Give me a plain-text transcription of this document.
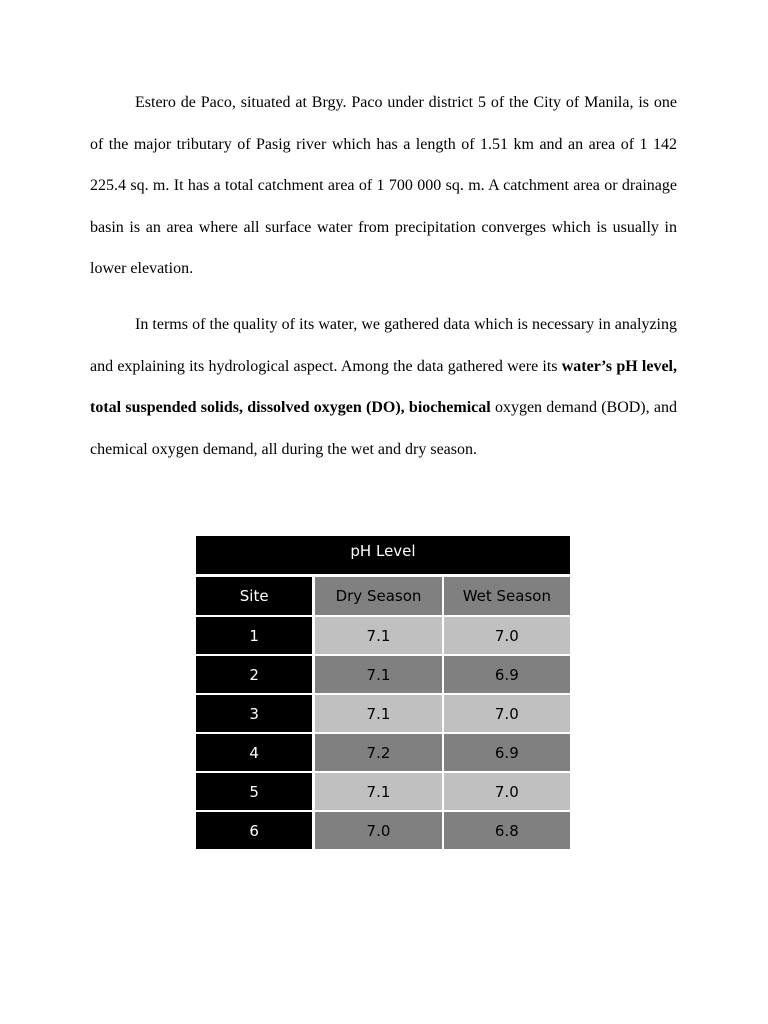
Estero de Paco, situated at Brgy. Paco under district 5 of the City of Manila, is one of the major tributary of Pasig river which has a length of 1.51 km and an area of 1 142 225.4 sq. m. It has a total catchment area of 1 700 000 sq. m. A catchment area or drainage basin is an area where all surface water from precipitation converges which is usually in lower elevation.

In terms of the quality of its water, we gathered data which is necessary in analyzing and explaining its hydrological aspect. Among the data gathered were its water’s pH level, total suspended solids, dissolved oxygen (DO), biochemical oxygen demand (BOD), and chemical oxygen demand, all during the wet and dry season.

pH Level		
Site	Dry Season	Wet Season
1	7.1	7.0
2	7.1	6.9
3	7.1	7.0
4	7.2	6.9
5	7.1	7.0
6	7.0	6.8
